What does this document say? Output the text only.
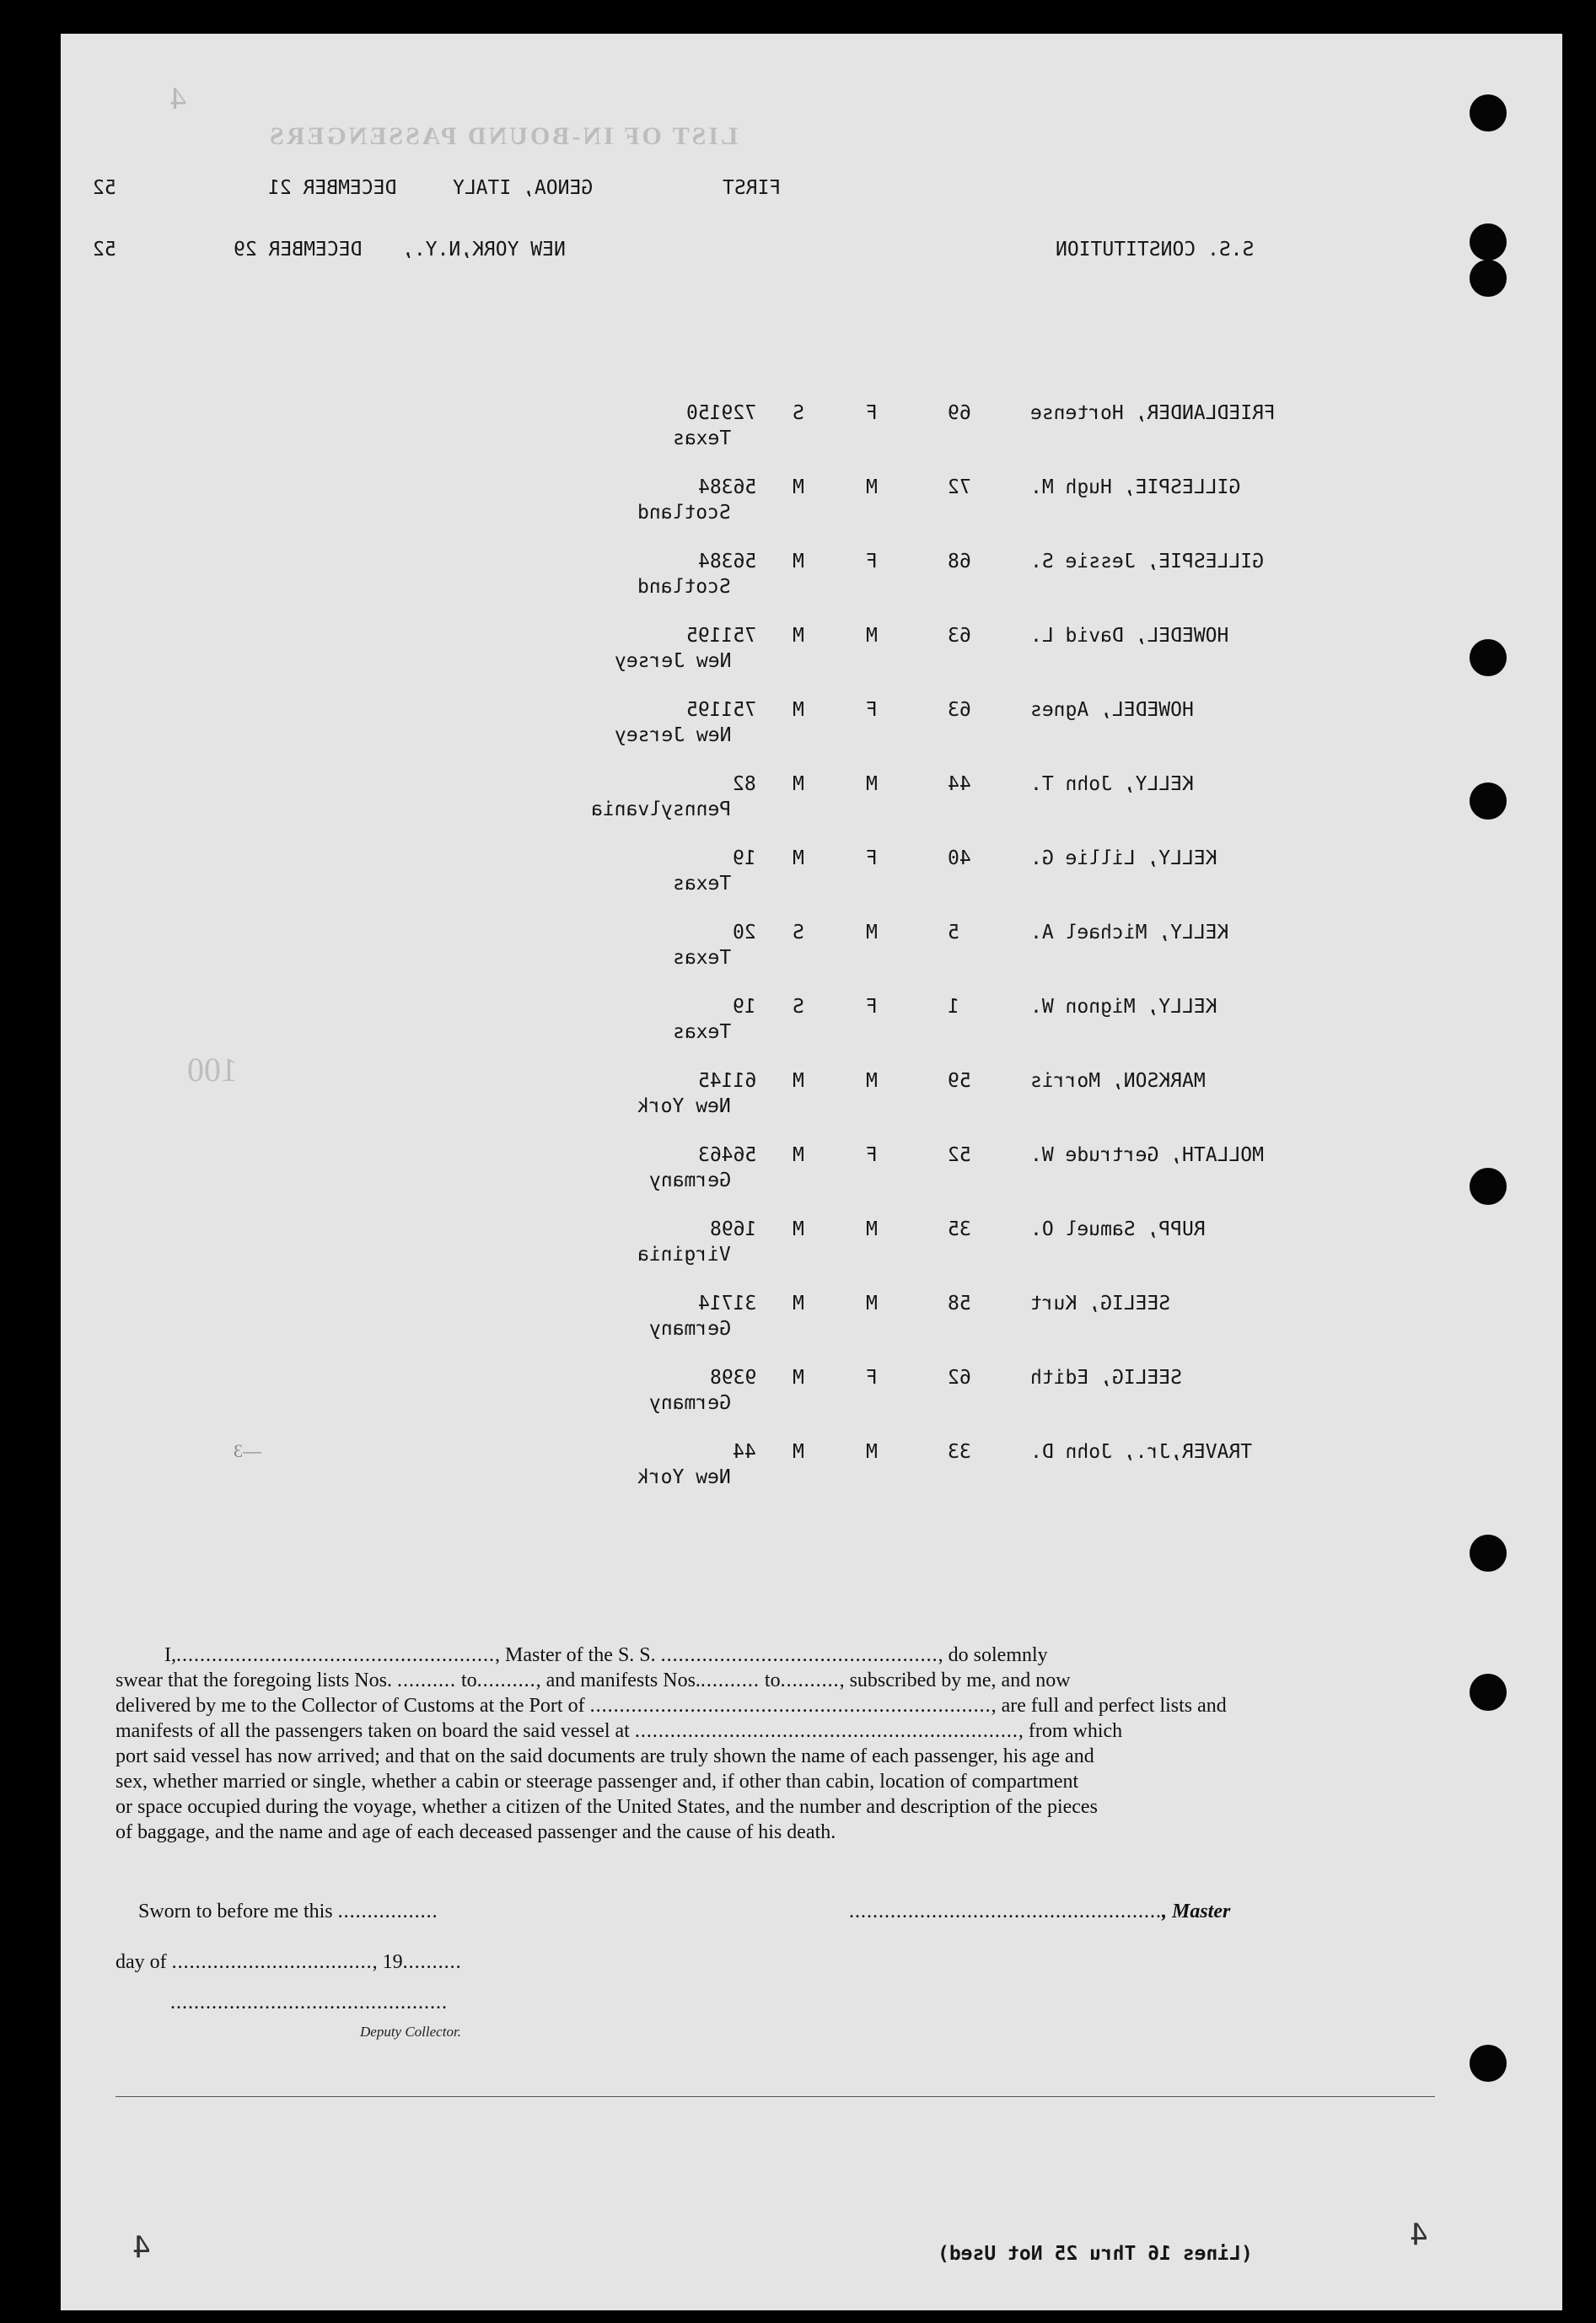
4
LIST OF IN-BOUND PASSENGERS
100
—3
FIRST
GENOA, ITALY
DECEMBER 21
52
S.S. CONSTITUTION
NEW YORK,N.Y.,
DECEMBER 29
52
FRIEDLANDER, Hortense
69
F
S
729150
Texas
GILLESPIE, Hugh M.
72
M
M
56384
Scotland
GILLESPIE, Jessie S.
68
F
M
56384
Scotland
HOWEDEL, David L.
63
M
M
751195
New Jersey
HOWEDEL, Agnes
63
F
M
751195
New Jersey
KELLY, John T.
44
M
M
82
Pennsylvania
KELLY, Lillie G.
40
F
M
19
Texas
KELLY, Michael A.
5
M
S
20
Texas
KELLY, Mignon W.
1
F
S
19
Texas
MARKSON, Morris
59
M
M
61145
New York
MOLLATH, Gertrude W.
52
F
M
56463
Germany
RUPP, Samuel O.
35
M
M
1698
Virginia
SEELIG, Kurt
58
M
M
31714
Germany
SEELIG, Edith
62
F
M
9398
Germany
TRAVER,Jr., John D.
33
M
M
44
New York

I,......................................................, Master of the S. S. ..............................................., do solemnly

swear that the foregoing lists Nos. .......... to.........., and manifests Nos........... to.........., subscribed by me, and now

delivered by me to the Collector of Customs at the Port of ...................................................................., are full and perfect lists and

manifests of all the passengers taken on board the said vessel at ................................................................., from which

port said vessel has now arrived; and that on the said documents are truly shown the name of each passenger, his age and

sex, whether married or single, whether a cabin or steerage passenger and, if other than cabin, location of compartment

or space occupied during the voyage, whether a citizen of the United States, and the number and description of the pieces

of baggage, and the name and age of each deceased passenger and the cause of his death.

Sworn to before me this .................	....................................................., Master
day of .................................., 19..........
...............................................
Deputy Collector.
4	(Lines 16 Thru 25 Not Used)
4
